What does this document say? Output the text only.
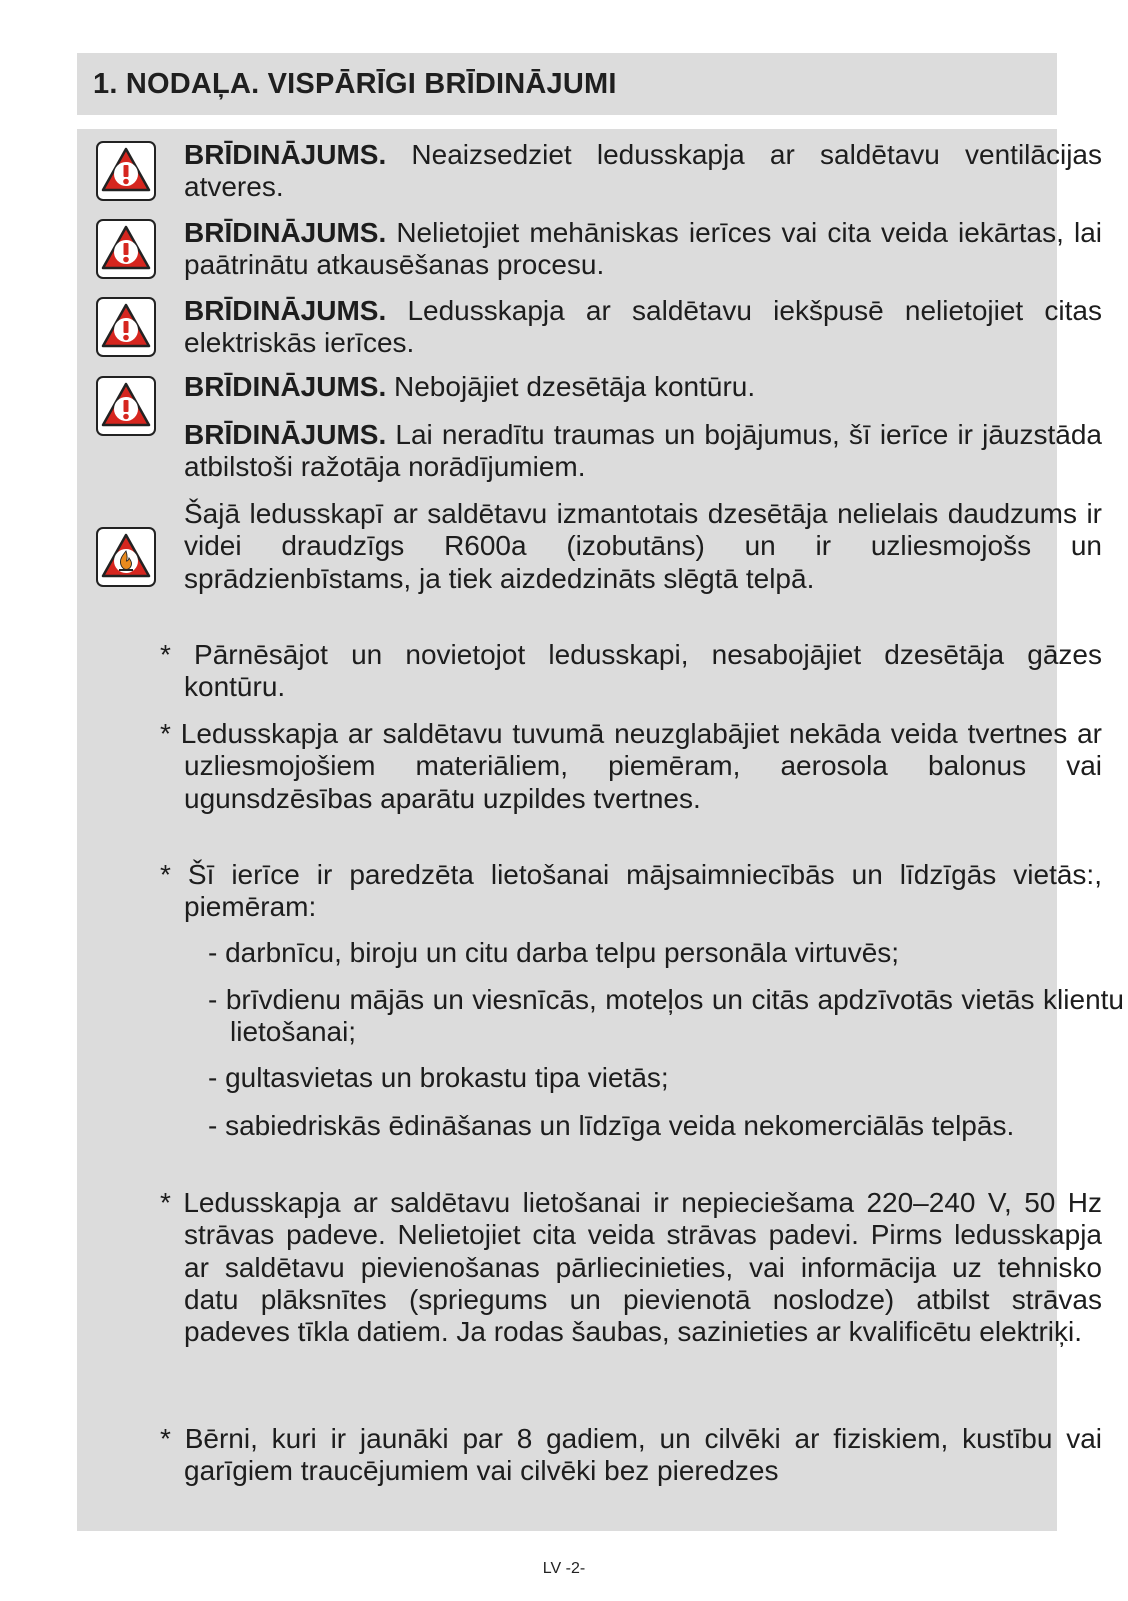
1. NODAĻA. VISPĀRĪGI BRĪDINĀJUMI
BRĪDINĀJUMS. Neaizsedziet ledusskapja ar saldētavu ventilācijas atveres.
BRĪDINĀJUMS. Nelietojiet mehāniskas ierīces vai cita veida iekārtas, lai paātrinātu atkausēšanas procesu.
BRĪDINĀJUMS. Ledusskapja ar saldētavu iekšpusē nelietojiet citas elektriskās ierīces.
BRĪDINĀJUMS. Nebojājiet dzesētāja kontūru.
BRĪDINĀJUMS. Lai neradītu traumas un bojājumus, šī ierīce ir jāuzstāda atbilstoši ražotāja norādījumiem.
Šajā ledusskapī ar saldētavu izmantotais dzesētāja nelielais daudzums ir videi draudzīgs R600a (izobutāns) un ir uzliesmojošs un sprādzienbīstams, ja tiek aizdedzināts slēgtā telpā.
* Pārnēsājot un novietojot ledusskapi, nesabojājiet dzesētāja gāzes kontūru.
* Ledusskapja ar saldētavu tuvumā neuzglabājiet nekāda veida tvertnes ar uzliesmojošiem materiāliem, piemēram, aerosola balonus vai ugunsdzēsības aparātu uzpildes tvertnes.
* Šī ierīce ir paredzēta lietošanai mājsaimniecībās un līdzīgās vietās:, piemēram:
- darbnīcu, biroju un citu darba telpu personāla virtuvēs;
- brīvdienu mājās un viesnīcās, moteļos un citās apdzīvotās vietās klientu lietošanai;
- gultasvietas un brokastu tipa vietās;
- sabiedriskās ēdināšanas un līdzīga veida nekomerciālās telpās.
* Ledusskapja ar saldētavu lietošanai ir nepieciešama 220–240 V, 50 Hz strāvas padeve. Nelietojiet cita veida strāvas padevi. Pirms ledusskapja ar saldētavu pievienošanas pārliecinieties, vai informācija uz tehnisko datu plāksnītes (spriegums un pievienotā noslodze) atbilst strāvas padeves tīkla datiem. Ja rodas šaubas, sazinieties ar kvalificētu elektriķi.
* Bērni, kuri ir jaunāki par 8 gadiem, un cilvēki ar fiziskiem, kustību vai garīgiem traucējumiem vai cilvēki bez pieredzes
LV -2-
